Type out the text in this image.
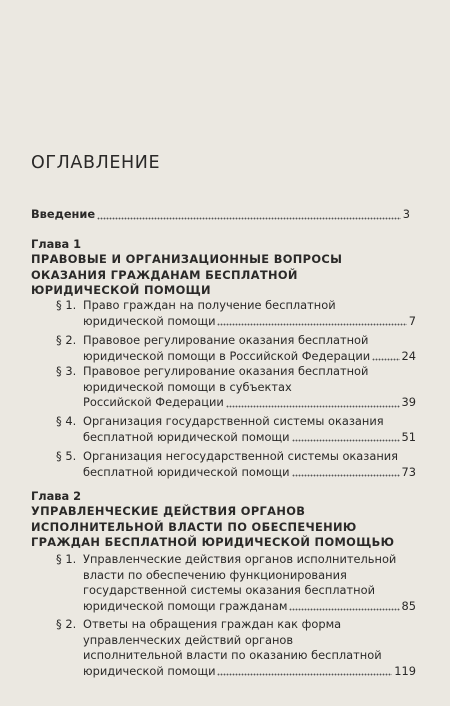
ОГЛАВЛЕНИЕ
Введение	3
Глава 1
ПРАВОВЫЕ И ОРГАНИЗАЦИОННЫЕ ВОПРОСЫ
ОКАЗАНИЯ ГРАЖДАНАМ БЕСПЛАТНОЙ
ЮРИДИЧЕСКОЙ ПОМОЩИ
§ 1. Право граждан на получение бесплатной
юридической помощи	7
§ 2. Правовое регулирование оказания бесплатной
юридической помощи в Российской Федерации	24
§ 3. Правовое регулирование оказания бесплатной
юридической помощи в субъектах
Российской Федерации	39
§ 4. Организация государственной системы оказания
бесплатной юридической помощи	51
§ 5. Организация негосударственной системы оказания
бесплатной юридической помощи	73
Глава 2
УПРАВЛЕНЧЕСКИЕ ДЕЙСТВИЯ ОРГАНОВ
ИСПОЛНИТЕЛЬНОЙ ВЛАСТИ ПО ОБЕСПЕЧЕНИЮ
ГРАЖДАН БЕСПЛАТНОЙ ЮРИДИЧЕСКОЙ ПОМОЩЬЮ
§ 1. Управленческие действия органов исполнительной
власти по обеспечению функционирования
государственной системы оказания бесплатной
юридической помощи гражданам	85
§ 2. Ответы на обращения граждан как форма
управленческих действий органов
исполнительной власти по оказанию бесплатной
юридической помощи	119
